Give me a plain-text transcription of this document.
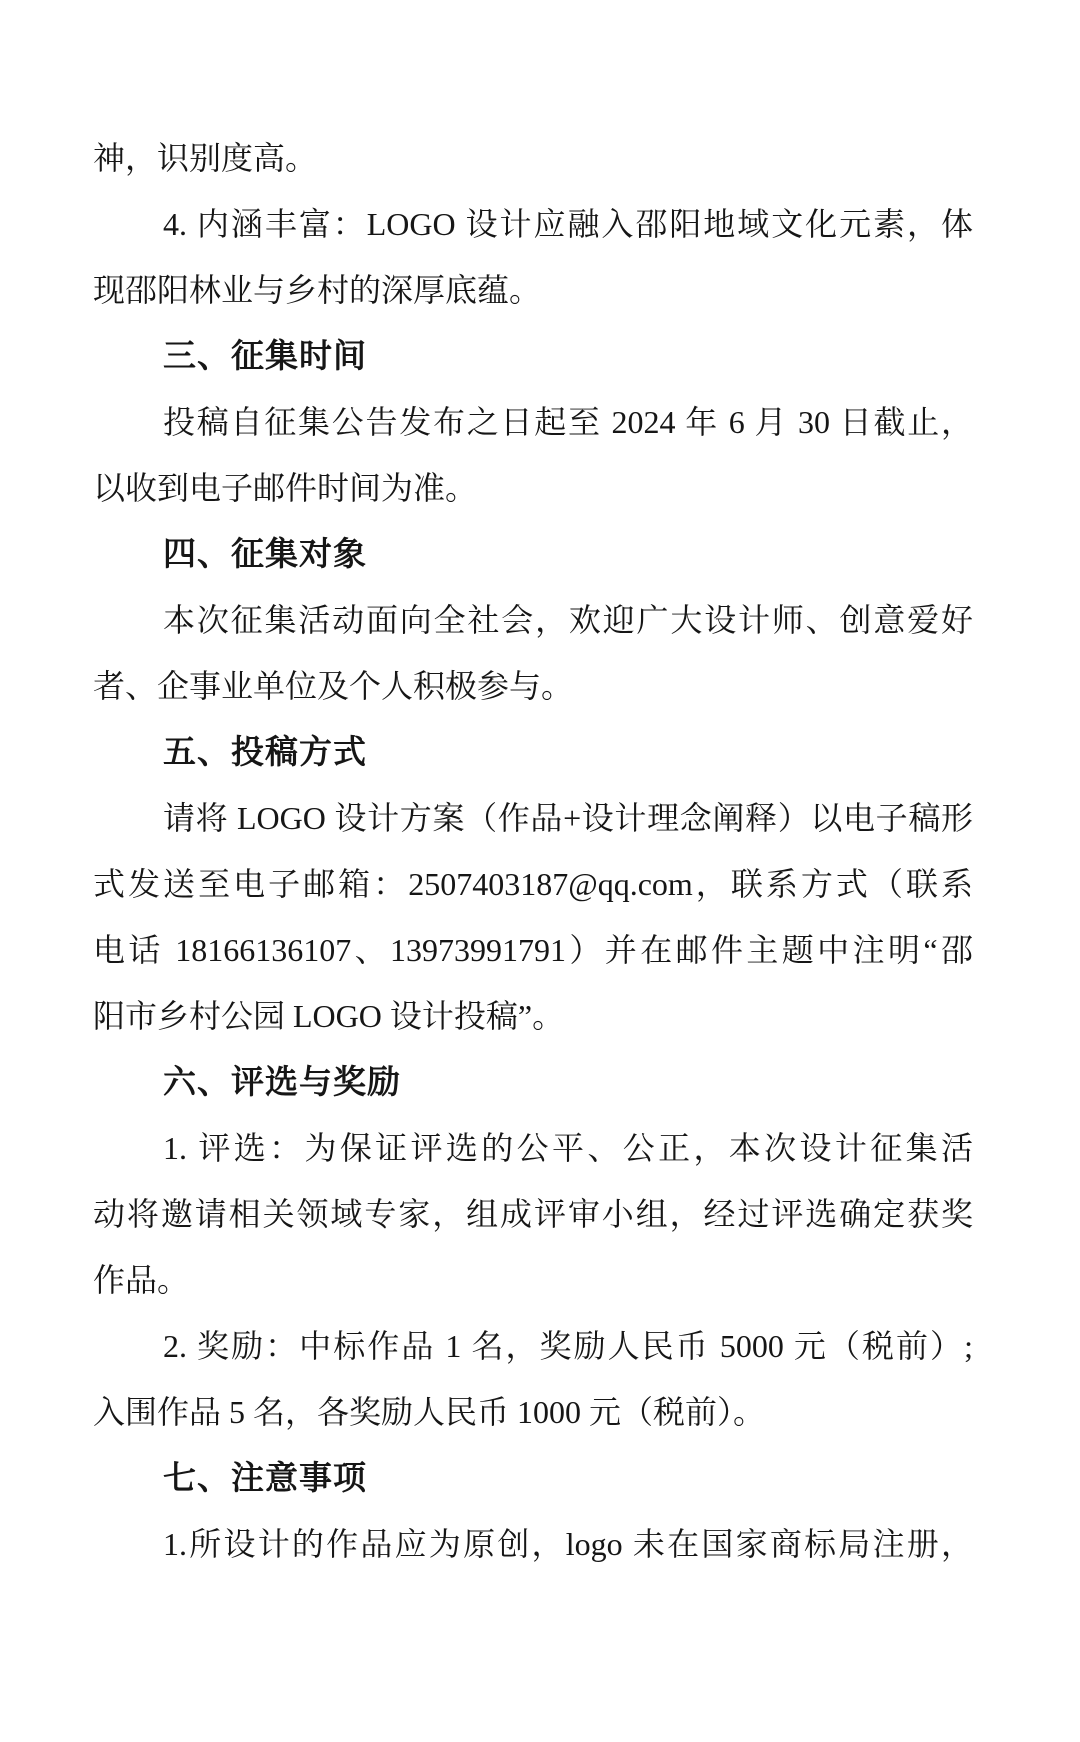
神，识别度高。
4. 内涵丰富：LOGO 设计应融入邵阳地域文化元素，体
现邵阳林业与乡村的深厚底蕴。
三、征集时间
投稿自征集公告发布之日起至 2024 年 6 月 30 日截止，
以收到电子邮件时间为准。
四、征集对象
本次征集活动面向全社会，欢迎广大设计师、创意爱好
者、企事业单位及个人积极参与。
五、投稿方式
请将 LOGO 设计方案（作品+设计理念阐释）以电子稿形
式发送至电子邮箱：2507403187@qq.com，联系方式（联系
电话 18166136107、13973991791）并在邮件主题中注明“邵
阳市乡村公园 LOGO 设计投稿”。
六、评选与奖励
1. 评选：为保证评选的公平、公正，本次设计征集活
动将邀请相关领域专家，组成评审小组，经过评选确定获奖
作品。
2. 奖励：中标作品 1 名，奖励人民币 5000 元（税前）;
入围作品 5 名，各奖励人民币 1000 元（税前）。
七、注意事项
1.所设计的作品应为原创，logo 未在国家商标局注册，
